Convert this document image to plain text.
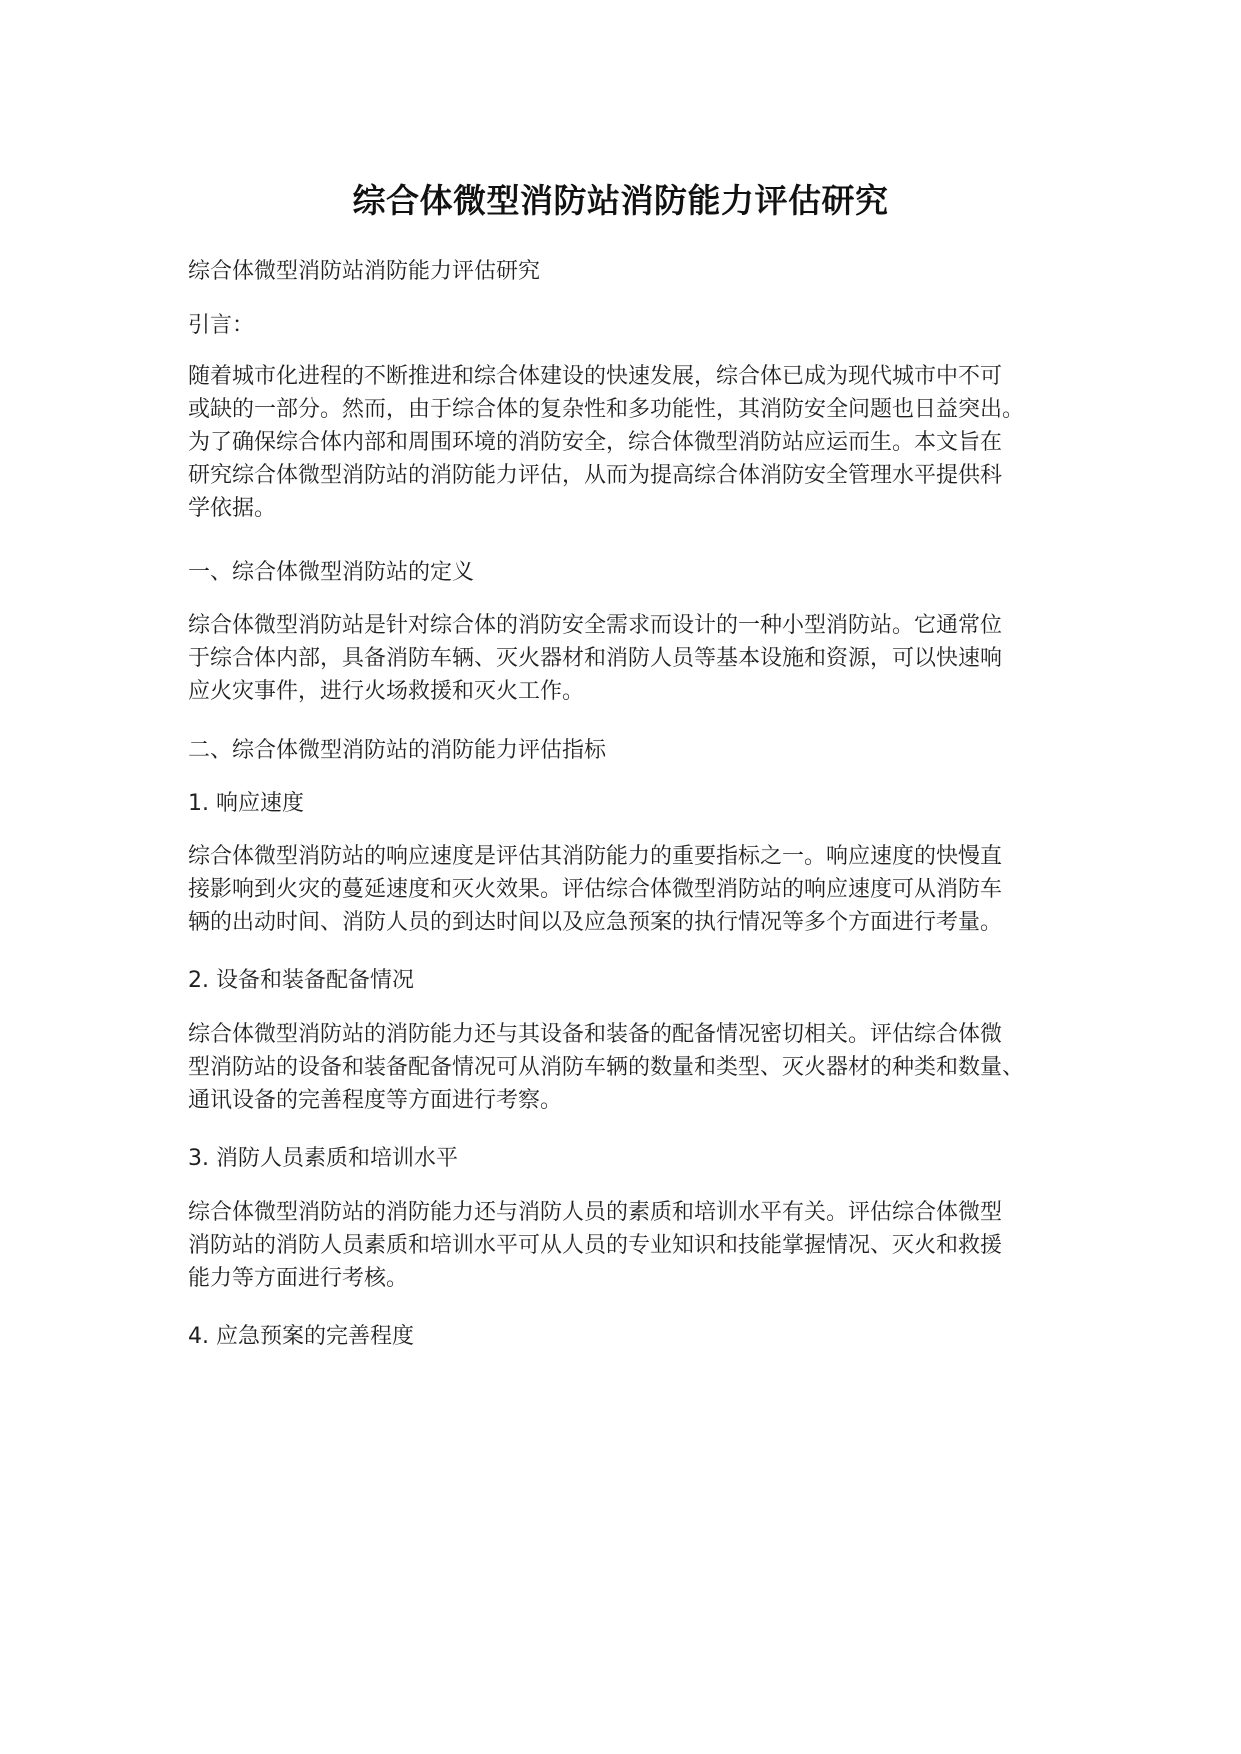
综合体微型消防站消防能力评估研究
综合体微型消防站消防能力评估研究
引言：
随着城市化进程的不断推进和综合体建设的快速发展，综合体已成为现代城市中不可
或缺的一部分。然而，由于综合体的复杂性和多功能性，其消防安全问题也日益突出。
为了确保综合体内部和周围环境的消防安全，综合体微型消防站应运而生。本文旨在
研究综合体微型消防站的消防能力评估，从而为提高综合体消防安全管理水平提供科
学依据。
一、综合体微型消防站的定义
综合体微型消防站是针对综合体的消防安全需求而设计的一种小型消防站。它通常位
于综合体内部，具备消防车辆、灭火器材和消防人员等基本设施和资源，可以快速响
应火灾事件，进行火场救援和灭火工作。
二、综合体微型消防站的消防能力评估指标
1. 响应速度
综合体微型消防站的响应速度是评估其消防能力的重要指标之一。响应速度的快慢直
接影响到火灾的蔓延速度和灭火效果。评估综合体微型消防站的响应速度可从消防车
辆的出动时间、消防人员的到达时间以及应急预案的执行情况等多个方面进行考量。
2. 设备和装备配备情况
综合体微型消防站的消防能力还与其设备和装备的配备情况密切相关。评估综合体微
型消防站的设备和装备配备情况可从消防车辆的数量和类型、灭火器材的种类和数量、
通讯设备的完善程度等方面进行考察。
3. 消防人员素质和培训水平
综合体微型消防站的消防能力还与消防人员的素质和培训水平有关。评估综合体微型
消防站的消防人员素质和培训水平可从人员的专业知识和技能掌握情况、灭火和救援
能力等方面进行考核。
4. 应急预案的完善程度
